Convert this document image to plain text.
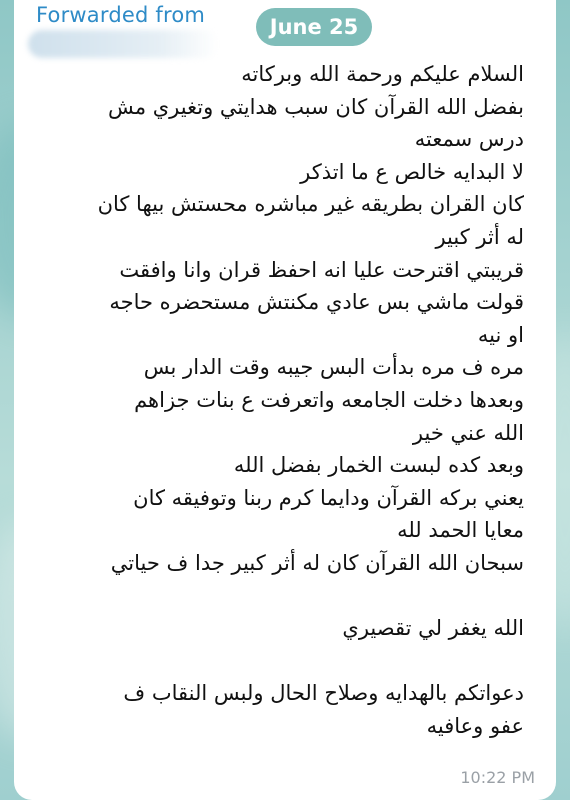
Forwarded from	June 25
السلام عليكم ورحمة الله وبركاته
بفضل الله القرآن كان سبب هدايتي وتغيري مش
درس سمعته
لا البدايه خالص ع ما اتذكر
كان القران بطريقه غير مباشره محستش بيها كان
له أثر كبير
قريبتي اقترحت عليا انه احفظ قران وانا وافقت
قولت ماشي بس عادي مكنتش مستحضره حاجه
او نيه
مره ف مره بدأت البس جيبه وقت الدار بس
وبعدها دخلت الجامعه واتعرفت ع بنات جزاهم
الله عني خير
وبعد كده لبست الخمار بفضل الله
يعني بركه القرآن ودايما كرم ربنا وتوفيقه كان
معايا الحمد لله
سبحان الله القرآن كان له أثر كبير جدا ف حياتي
الله يغفر لي تقصيري
دعواتكم بالهدايه وصلاح الحال ولبس النقاب ف
عفو وعافيه
10:22 PM
